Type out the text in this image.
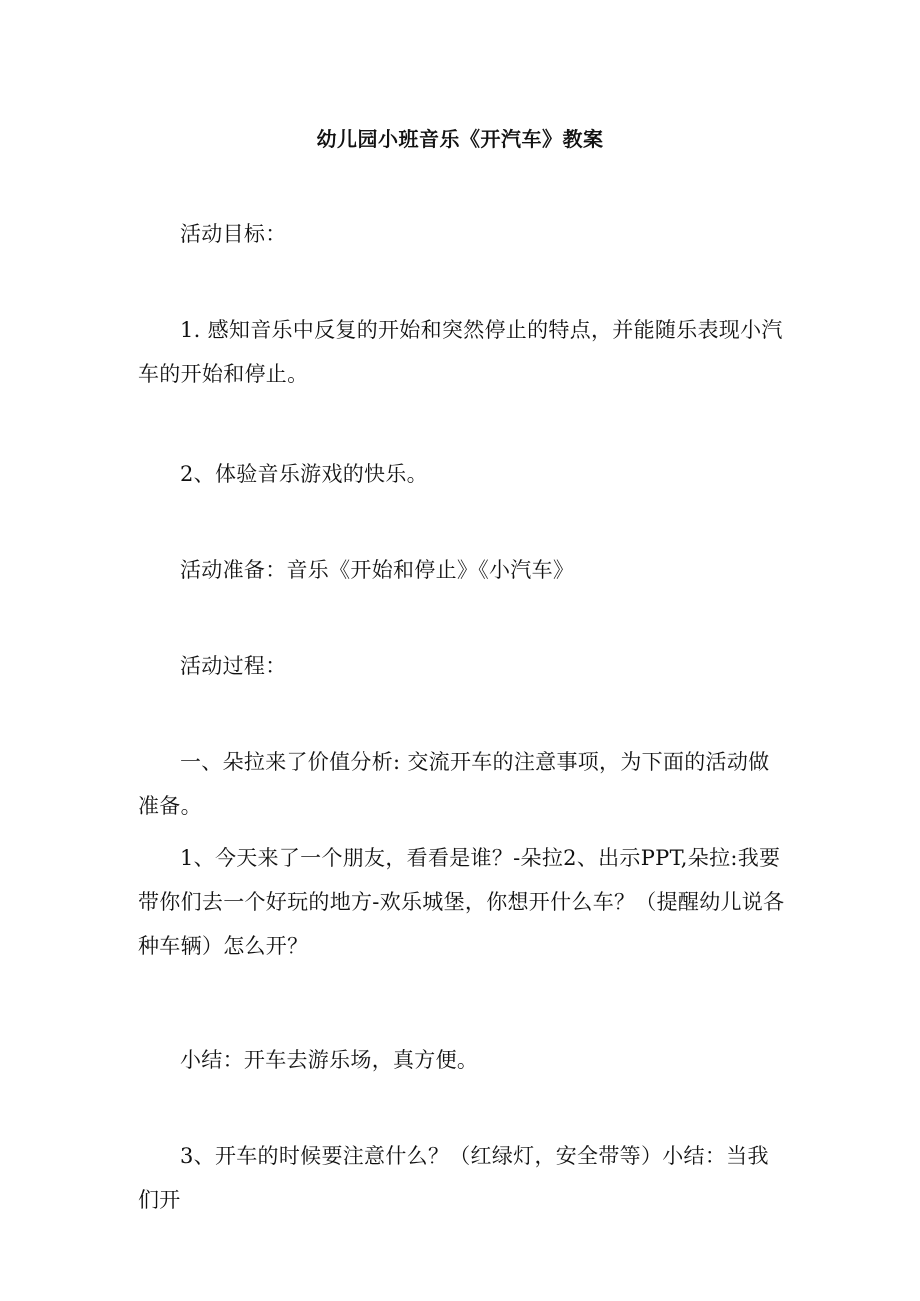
幼儿园小班音乐《开汽车》教案
活动目标：
1. 感知音乐中反复的开始和突然停止的特点，并能随乐表现小汽车的开始和停止。
2、体验音乐游戏的快乐。
活动准备：音乐《开始和停止》《小汽车》
活动过程：
一、朵拉来了价值分析: 交流开车的注意事项，为下面的活动做准备。
1、今天来了一个朋友，看看是谁？-朵拉2、出示PPT,朵拉:我要带你们去一个好玩的地方-欢乐城堡，你想开什么车？（提醒幼儿说各种车辆）怎么开？
小结：开车去游乐场，真方便。
3、开车的时候要注意什么？（红绿灯，安全带等）小结：当我们开
